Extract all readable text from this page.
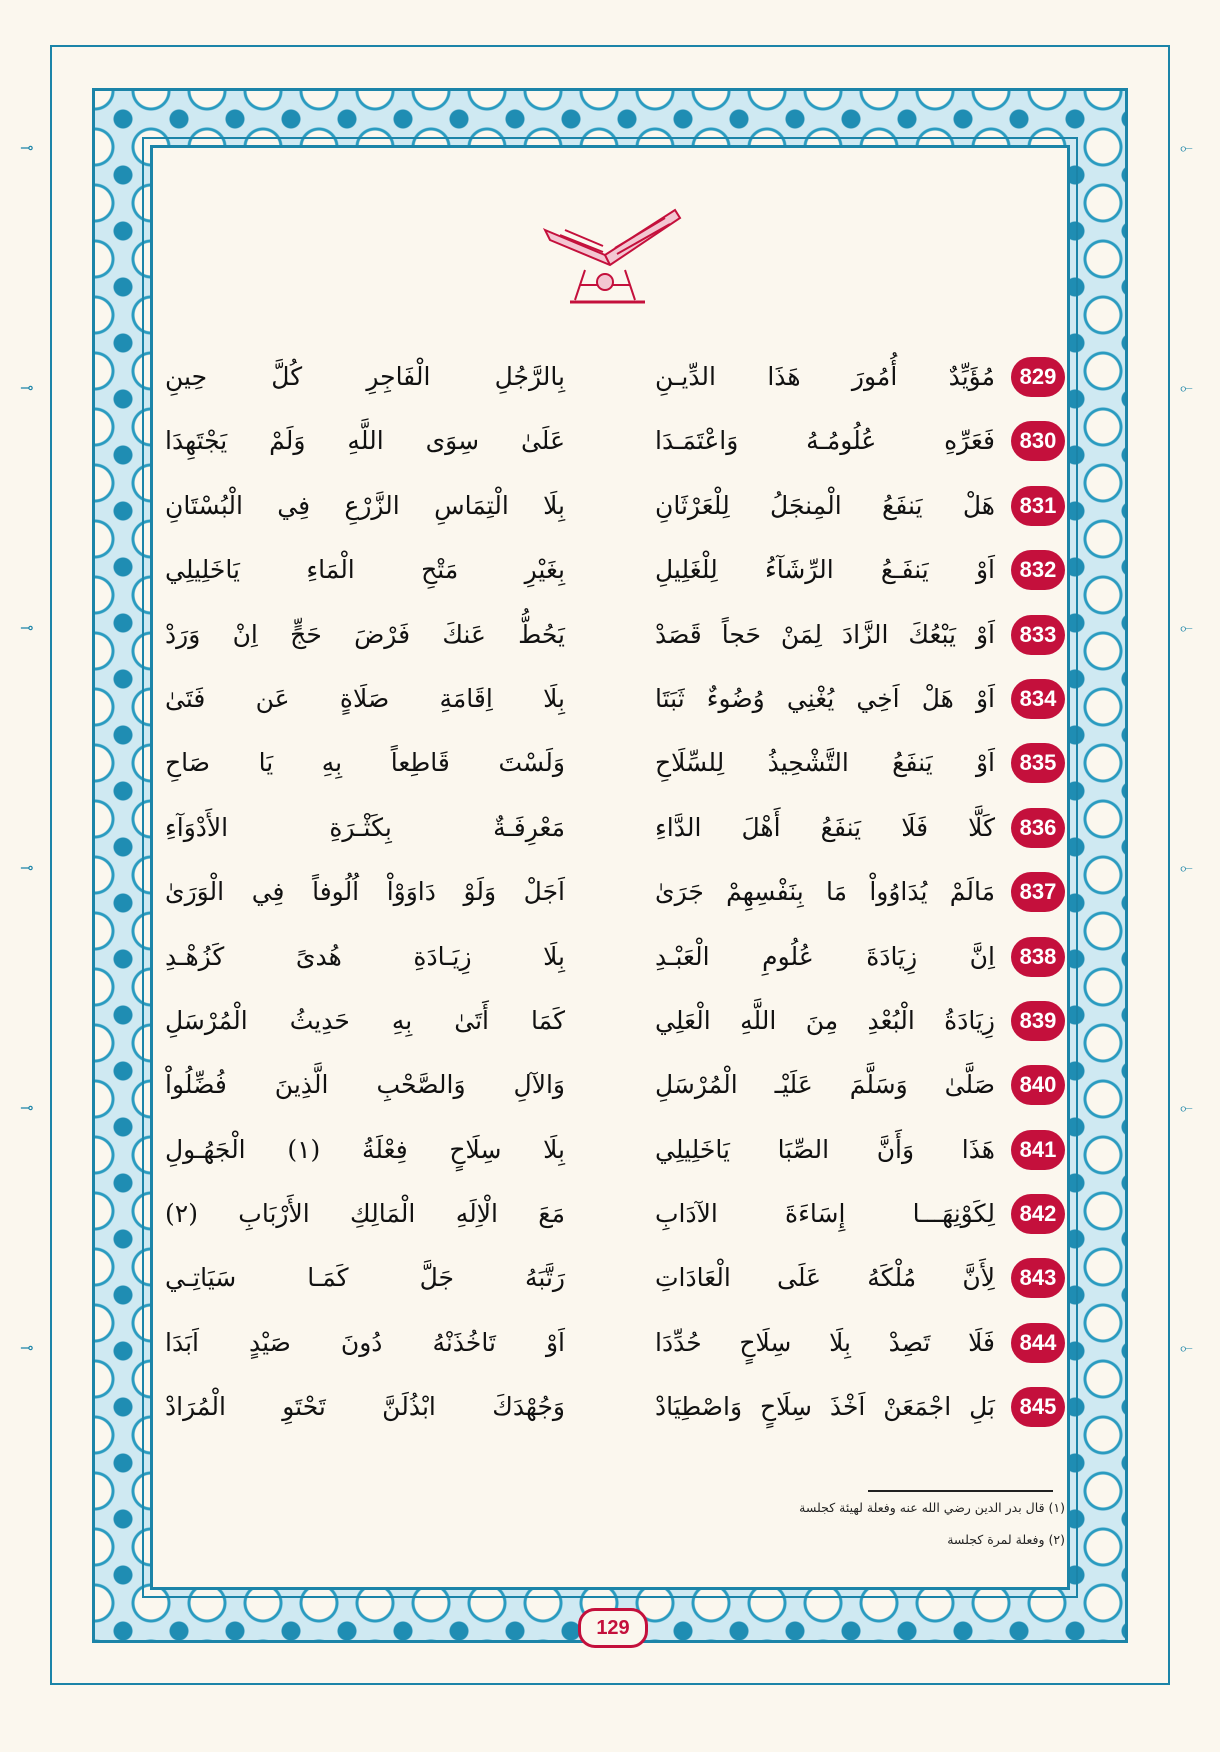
⊸
⊸
⊸
⊸
⊸
⊸
⟜
⟜
⟜
⟜
⟜
⟜
829
مُؤَيِّدٌ أُمُورَ هَذَا الدِّيـنِ
بِالرَّجُلِ الْفَاجِرِ كُلَّ حِينِ
830
فَعَرِّهِ عُلُومُـهُ وَاعْتَمَـدَا
عَلَىٰ سِوَى اللَّهِ وَلَمْ يَجْتَهِدَا
831
هَلْ يَنفَعُ الْمِنجَلُ لِلْعَرْثَانِ
بِلَا الْتِمَاسِ الزَّرْعِ فِي الْبُسْتَانِ
832
اَوْ يَنفَـعُ الرِّشَآءُ لِلْغَلِيلِ
بِغَيْرِ مَتْحِ الْمَاءِ يَاخَلِيلِي
833
اَوْ يَبْعُكَ الزَّادَ لِمَنْ حَجاً قَصَدْ
يَحُطُّ عَنكَ فَرْضَ حَجٍّ اِنْ وَرَدْ
834
اَوْ هَلْ اَخِي يُغْنِي وُضُوءٌ ثَبَتَا
بِلَا اِقَامَةِ صَلَاةٍ عَن فَتَىٰ
835
اَوْ يَنفَعُ التَّشْحِيذُ لِلسِّلَاحِ
وَلَسْتَ قَاطِعاً بِهِ يَا صَاحِ
836
كَلَّا فَلَا يَنفَعُ أَهْلَ الدَّاءِ
مَعْرِفَـةٌ بِكَثْـرَةِ الأَدْوَآءِ
837
مَالَمْ يُدَاوُواْ مَا بِنَفْسِهِمْ جَرَىٰ
اَجَلْ وَلَوْ دَاوَوْاْ اُلُوفاً فِي الْوَرَىٰ
838
اِنَّ زِيَادَةَ عُلُومِ الْعَبْـدِ
بِلَا زِيَـادَةِ هُدىً كَزُهْـدِ
839
زِيَادَةُ الْبُعْدِ مِنَ اللَّهِ الْعَلِي
كَمَا أَتَىٰ بِهِ حَدِيثُ الْمُرْسَلِ
840
صَلَّىٰ وَسَلَّمَ عَلَيْـ الْمُرْسَلِ
وَالآلِ وَالصَّحْبِ الَّذِينَ فُضِّلُواْ
841
هَذَا وَأَنَّ الصِّبَا يَاخَلِيلِي
بِلَا سِلَاحٍ فِعْلَةُ (١) الْجَهُـولِ
842
لِكَوْنِهَـــا إِسَاءَةَ الآدَابِ
مَعَ الْاِلَهِ الْمَالِكِ الأَرْبَابِ (٢)
843
لِأَنَّ مُلْكَهُ عَلَى الْعَادَاتِ
رَتَّبَهُ جَلَّ كَمَـا سَيَاتِـي
844
فَلَا تَصِدْ بِلَا سِلَاحٍ حُدِّدَا
اَوْ تَاخُذَنْهُ دُونَ صَيْدٍ اَبَدَا
845
بَلِ اجْمَعَنْ اَخْذَ سِلَاحٍ وَاصْطِيَادْ
وَجُهْدَكَ ابْذُلَنَّ تَحْتَوِ الْمُرَادْ
(١) قال بدر الدين رضي الله عنه وفعلة لهيئة كجلسة
(٢) وفعلة لمرة كجلسة
129
